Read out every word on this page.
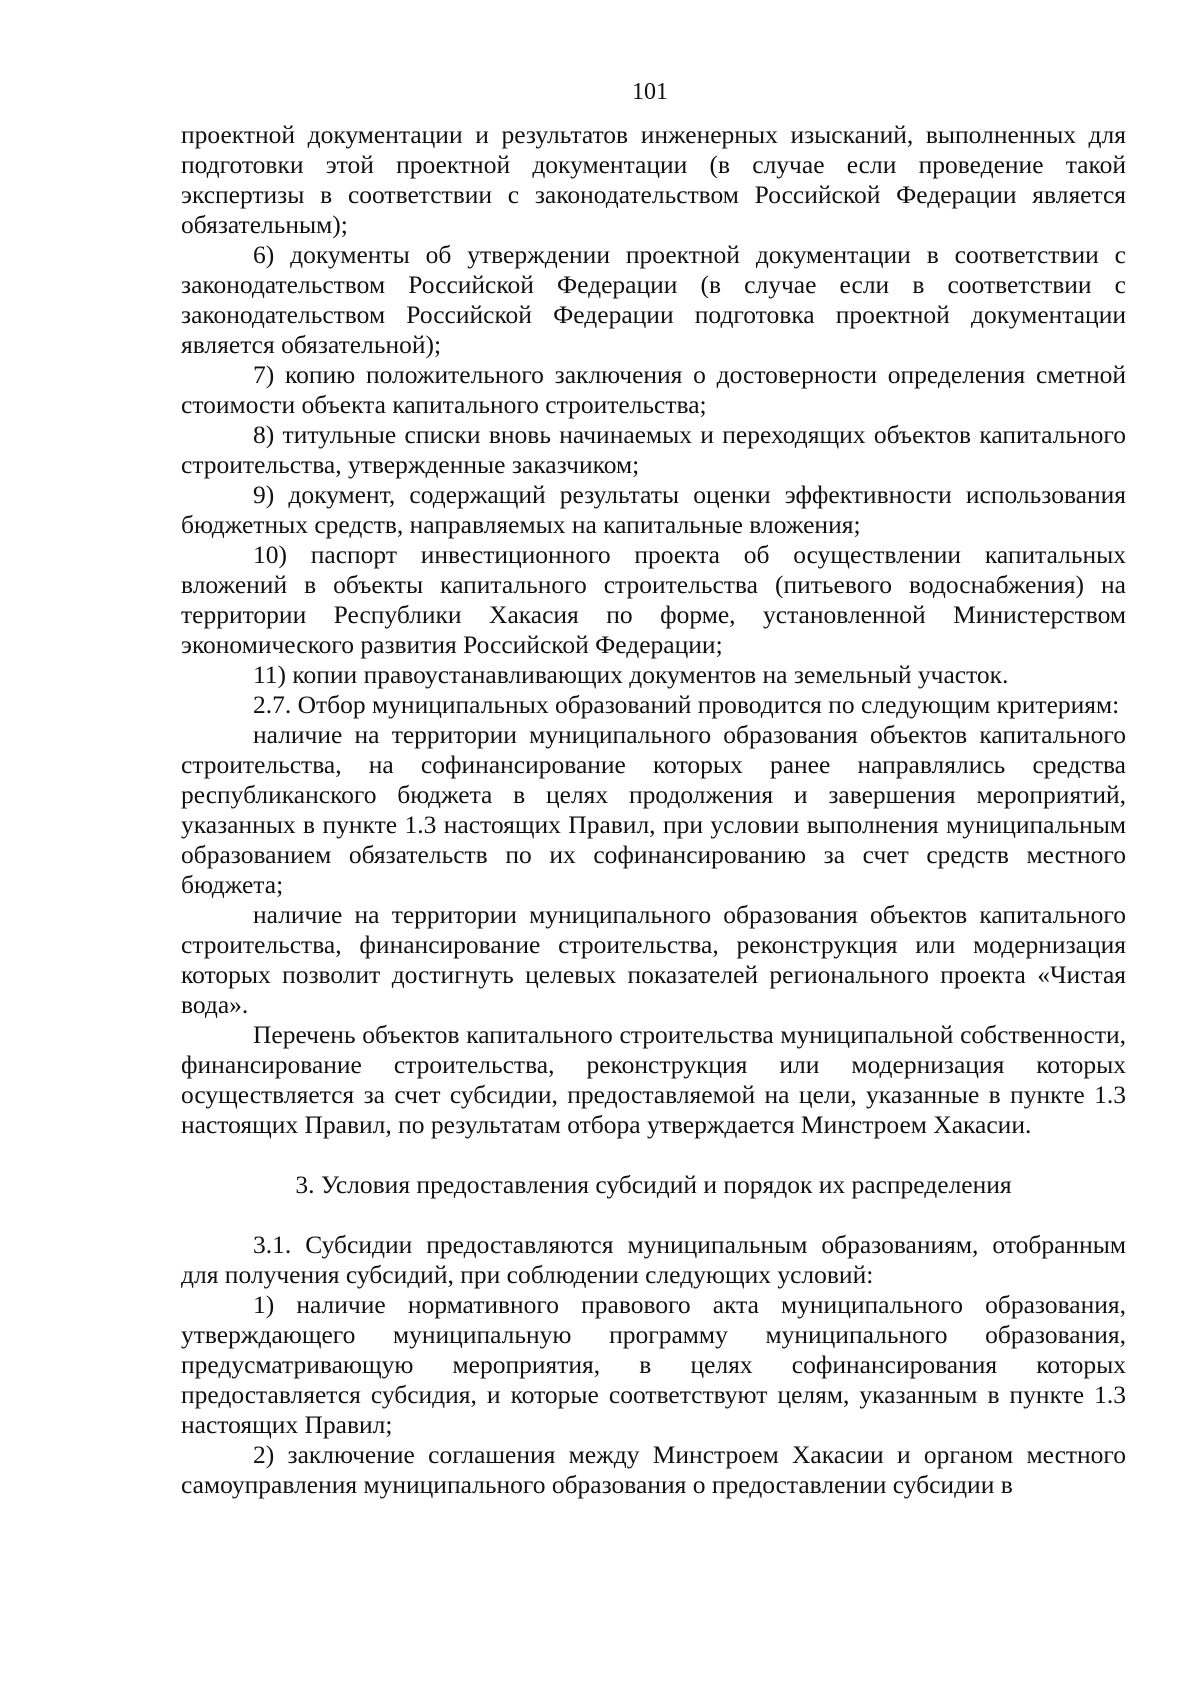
101

проектной документации и результатов инженерных изысканий, выполненных для подготовки этой проектной документации (в случае если проведение такой экспертизы в соответствии с законодательством Российской Федерации является обязательным);

6) документы об утверждении проектной документации в соответствии с законодательством Российской Федерации (в случае если в соответствии с законодательством Российской Федерации подготовка проектной документации является обязательной);

7) копию положительного заключения о достоверности определения сметной стоимости объекта капитального строительства;

8) титульные списки вновь начинаемых и переходящих объектов капитального строительства, утвержденные заказчиком;

9) документ, содержащий результаты оценки эффективности использования бюджетных средств, направляемых на капитальные вложения;

10) паспорт инвестиционного проекта об осуществлении капитальных вложений в объекты капитального строительства (питьевого водоснабжения) на территории Республики Хакасия по форме, установленной Министерством экономического развития Российской Федерации;

11) копии правоустанавливающих документов на земельный участок.

2.7. Отбор муниципальных образований проводится по следующим критериям:

наличие на территории муниципального образования объектов капитального строительства, на софинансирование которых ранее направлялись средства республиканского бюджета в целях продолжения и завершения мероприятий, указанных в пункте 1.3 настоящих Правил, при условии выполнения муниципальным образованием обязательств по их софинансированию за счет средств местного бюджета;

наличие на территории муниципального образования объектов капитального строительства, финансирование строительства, реконструкция или модернизация которых позволит достигнуть целевых показателей регионального проекта «Чистая вода».

Перечень объектов капитального строительства муниципальной собственности, финансирование строительства, реконструкция или модернизация которых осуществляется за счет субсидии, предоставляемой на цели, указанные в пункте 1.3 настоящих Правил, по результатам отбора утверждается Минстроем Хакасии.

3. Условия предоставления субсидий и порядок их распределения

3.1. Субсидии предоставляются муниципальным образованиям, отобранным для получения субсидий, при соблюдении следующих условий:

1) наличие нормативного правового акта муниципального образования, утверждающего муниципальную программу муниципального образования, предусматривающую мероприятия, в целях софинансирования которых предоставляется субсидия, и которые соответствуют целям, указанным в пункте 1.3 настоящих Правил;

2) заключение соглашения между Минстроем Хакасии и органом местного самоуправления муниципального образования о предоставлении субсидии в
